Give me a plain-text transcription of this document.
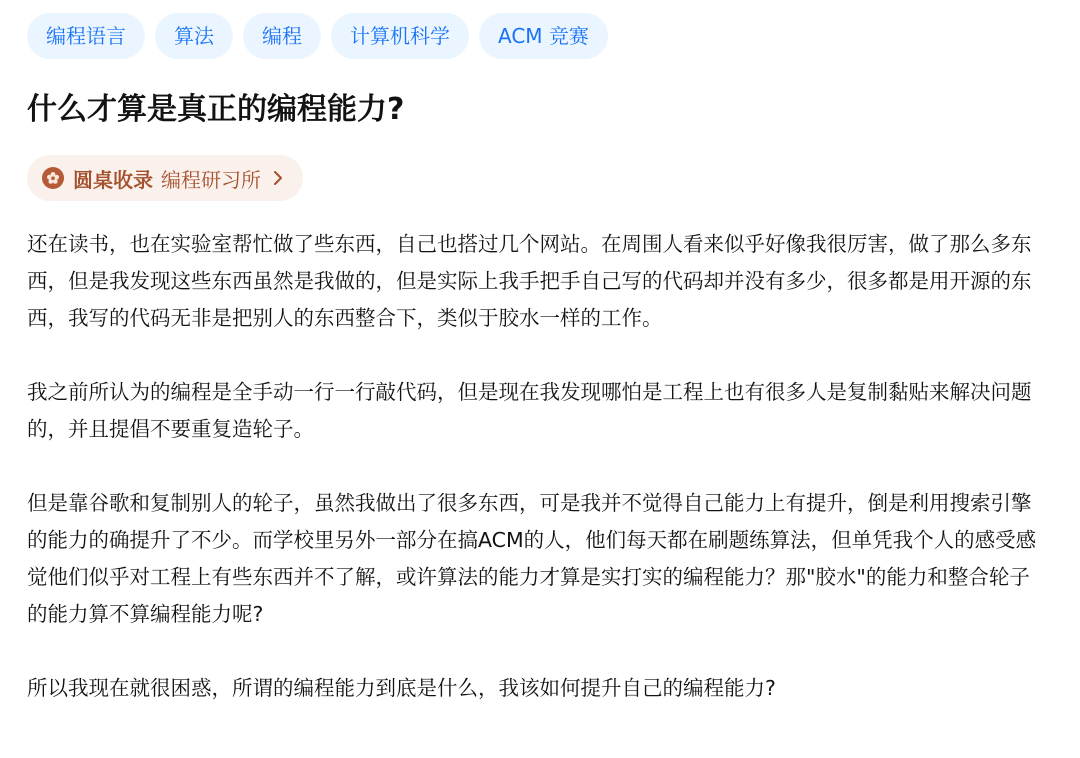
编程语言	算法	编程	计算机科学	ACM 竞赛
什么才算是真正的编程能力?
圆桌收录 编程研习所

还在读书，也在实验室帮忙做了些东西，自己也搭过几个网站。在周围人看来似乎好像我很厉害，做了那么多东西，但是我发现这些东西虽然是我做的，但是实际上我手把手自己写的代码却并没有多少，很多都是用开源的东西，我写的代码无非是把别人的东西整合下，类似于胶水一样的工作。

我之前所认为的编程是全手动一行一行敲代码，但是现在我发现哪怕是工程上也有很多人是复制黏贴来解决问题的，并且提倡不要重复造轮子。

但是靠谷歌和复制别人的轮子，虽然我做出了很多东西，可是我并不觉得自己能力上有提升，倒是利用搜索引擎的能力的确提升了不少。而学校里另外一部分在搞ACM的人，他们每天都在刷题练算法，但单凭我个人的感受感觉他们似乎对工程上有些东西并不了解，或许算法的能力才算是实打实的编程能力？那"胶水"的能力和整合轮子的能力算不算编程能力呢?

所以我现在就很困惑，所谓的编程能力到底是什么，我该如何提升自己的编程能力?
